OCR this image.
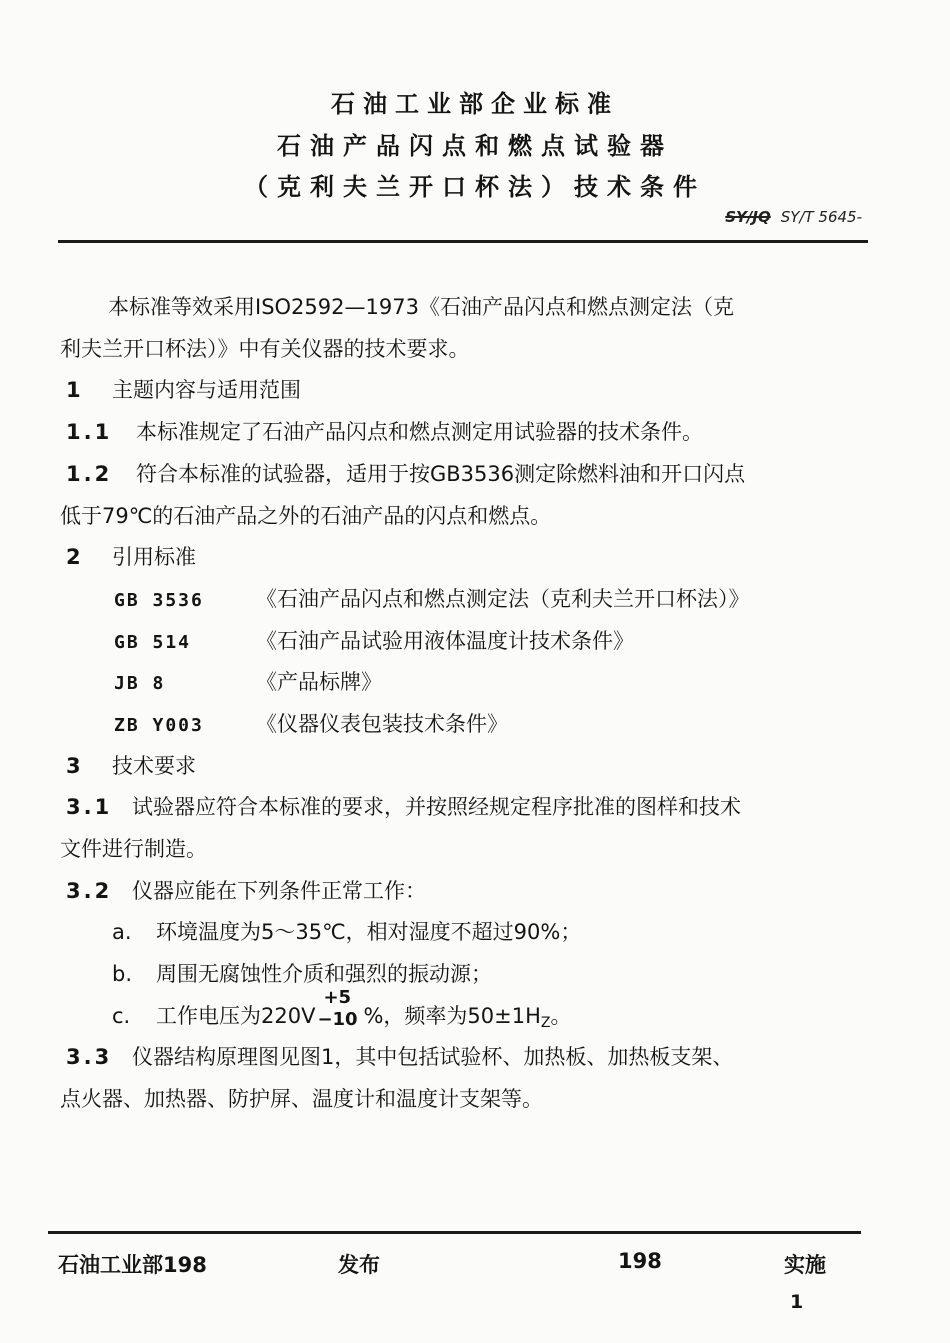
石油工业部企业标准
石油产品闪点和燃点试验器
（克利夫兰开口杯法）技术条件
SY/JQ SY/T 5645-
本标准等效采用ISO2592—1973《石油产品闪点和燃点测定法（克
利夫兰开口杯法）》中有关仪器的技术要求。
1 主题内容与适用范围
1.1 本标准规定了石油产品闪点和燃点测定用试验器的技术条件。
1.2 符合本标准的试验器，适用于按GB3536测定除燃料油和开口闪点
低于79℃的石油产品之外的石油产品的闪点和燃点。
2 引用标准
GB 3536 《石油产品闪点和燃点测定法（克利夫兰开口杯法）》
GB 514	《石油产品试验用液体温度计技术条件》
JB 8	《产品标牌》
ZB Y003 《仪器仪表包装技术条件》
3 技术要求
3.1 试验器应符合本标准的要求，并按照经规定程序批准的图样和技术
文件进行制造。
3.2 仪器应能在下列条件正常工作：
a. 环境温度为5～35℃，相对湿度不超过90%；
b. 周围无腐蚀性介质和强烈的振动源；
c. 工作电压为220V
+5
−10 %，频率为$50\pm 1H_Z$。
3.3 仪器结构原理图见图1，其中包括试验杯、加热板、加热板支架、
点火器、加热器、防护屏、温度计和温度计支架等。
石油工业部198	发布	198	实施
1
